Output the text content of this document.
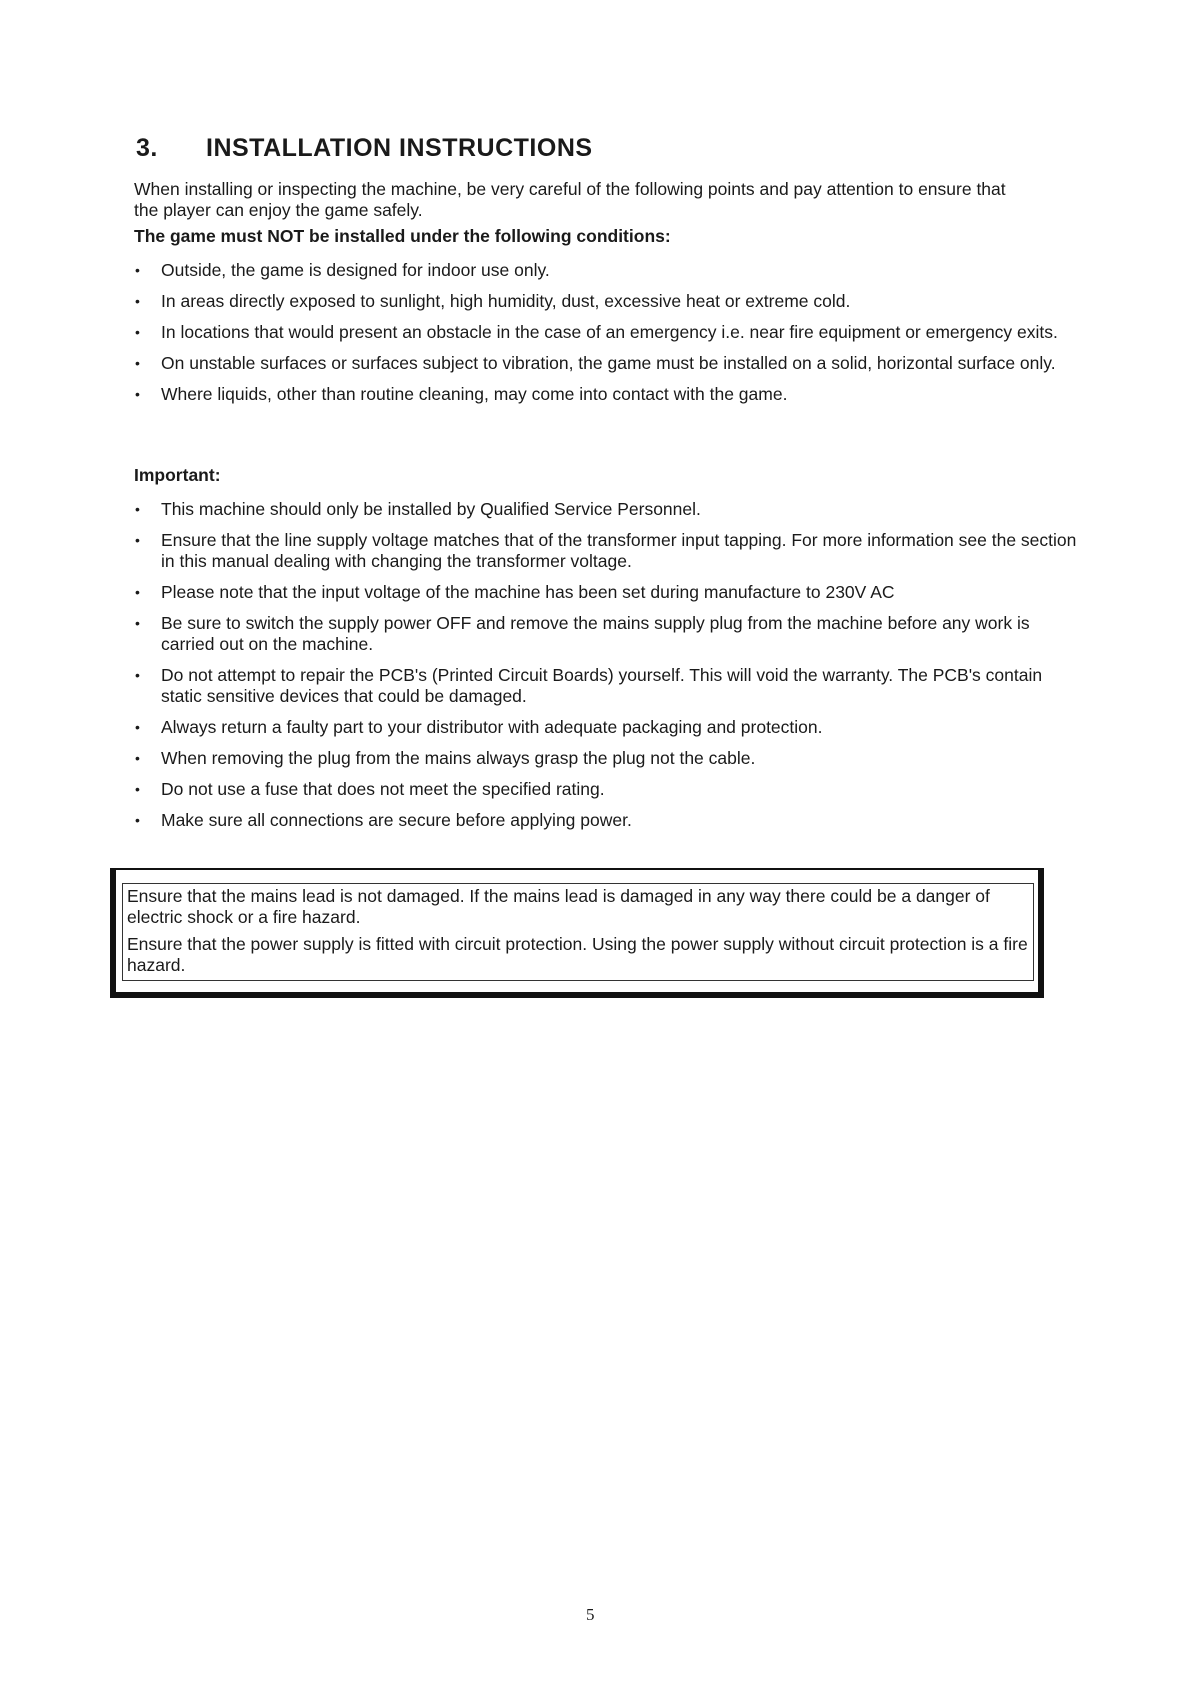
3. INSTALLATION INSTRUCTIONS

When installing or inspecting the machine, be very careful of the following points and pay attention to ensure that the player can enjoy the game safely.

The game must NOT be installed under the following conditions:

• Outside, the game is designed for indoor use only.
• In areas directly exposed to sunlight, high humidity, dust, excessive heat or extreme cold.
• In locations that would present an obstacle in the case of an emergency i.e. near fire equipment or emergency exits.
• On unstable surfaces or surfaces subject to vibration, the game must be installed on a solid, horizontal surface only.
• Where liquids, other than routine cleaning, may come into contact with the game.

Important:

• This machine should only be installed by Qualified Service Personnel.
• Ensure that the line supply voltage matches that of the transformer input tapping. For more information see the section in this manual dealing with changing the transformer voltage.
• Please note that the input voltage of the machine has been set during manufacture to 230V AC
• Be sure to switch the supply power OFF and remove the mains supply plug from the machine before any work is carried out on the machine.
• Do not attempt to repair the PCB's (Printed Circuit Boards) yourself. This will void the warranty. The PCB's contain static sensitive devices that could be damaged.
• Always return a faulty part to your distributor with adequate packaging and protection.
• When removing the plug from the mains always grasp the plug not the cable.
• Do not use a fuse that does not meet the specified rating.
• Make sure all connections are secure before applying power.

Ensure that the mains lead is not damaged. If the mains lead is damaged in any way there could be a danger of electric shock or a fire hazard.

Ensure that the power supply is fitted with circuit protection. Using the power supply without circuit protection is a fire hazard.

5
